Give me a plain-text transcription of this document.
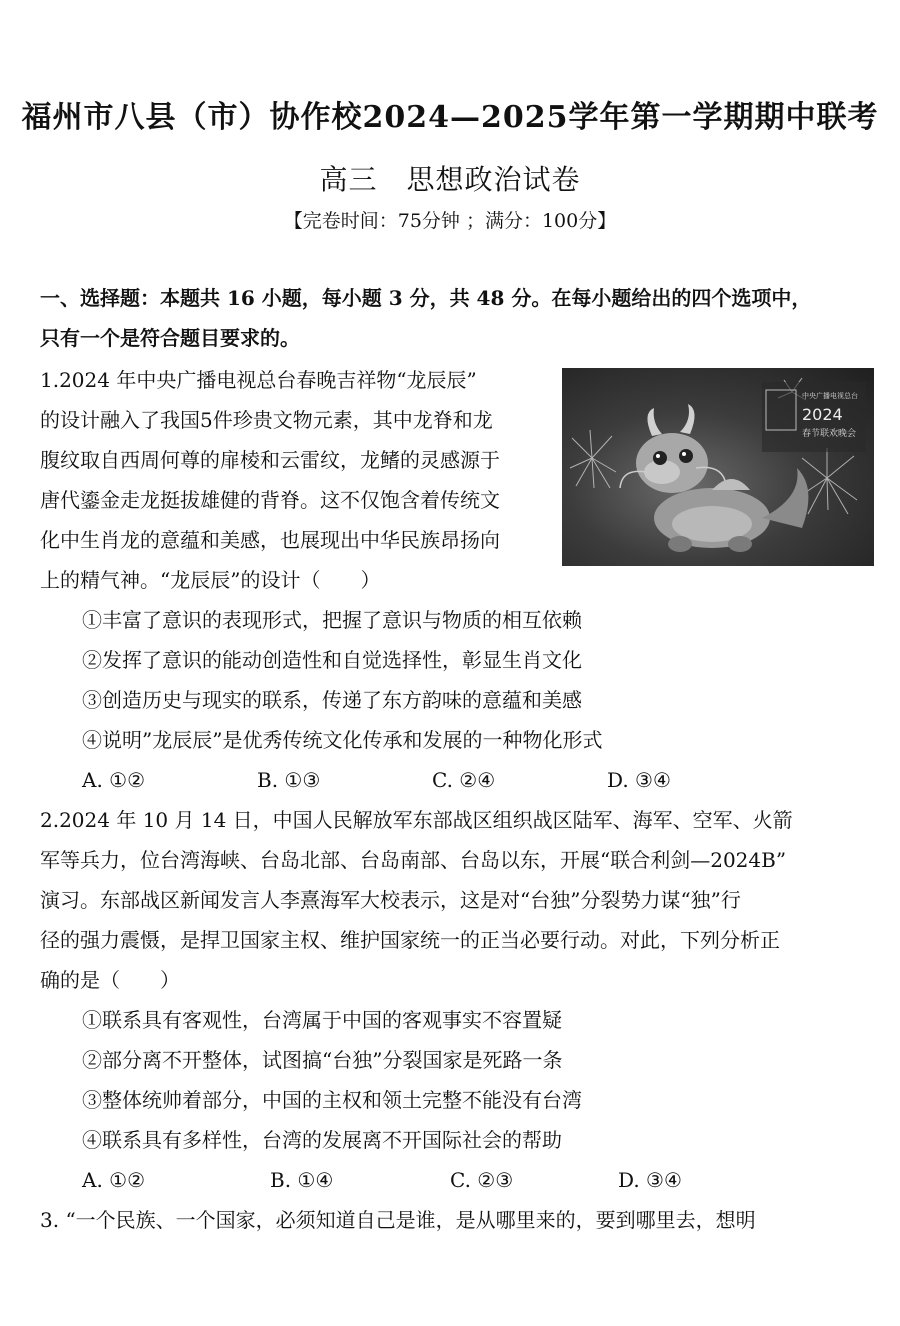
福州市八县（市）协作校2024—2025学年第一学期期中联考
高三　思想政治试卷
【完卷时间：75分钟 ；满分：100分】
一、选择题：本题共 16 小题，每小题 3 分，共 48 分。在每小题给出的四个选项中，
只有一个是符合题目要求的。
1.2024 年中央广播电视总台春晚吉祥物“龙辰辰”
的设计融入了我国5件珍贵文物元素，其中龙脊和龙
腹纹取自西周何尊的扉棱和云雷纹，龙鳍的灵感源于
唐代鎏金走龙挺拔雄健的背脊。这不仅饱含着传统文
化中生肖龙的意蕴和美感，也展现出中华民族昂扬向
上的精气神。“龙辰辰”的设计（　　）
中央广播电视总台
2024
春节联欢晚会
①丰富了意识的表现形式，把握了意识与物质的相互依赖
②发挥了意识的能动创造性和自觉选择性，彰显生肖文化
③创造历史与现实的联系，传递了东方韵味的意蕴和美感
④说明”龙辰辰”是优秀传统文化传承和发展的一种物化形式
A. ①②	B. ①③	C. ②④	D. ③④
2.2024 年 10 月 14 日，中国人民解放军东部战区组织战区陆军、海军、空军、火箭
军等兵力，位台湾海峡、台岛北部、台岛南部、台岛以东，开展“联合利剑—2024B”
演习。东部战区新闻发言人李熹海军大校表示，这是对“台独”分裂势力谋“独”行
径的强力震慑，是捍卫国家主权、维护国家统一的正当必要行动。对此，下列分析正
确的是（　　）
①联系具有客观性，台湾属于中国的客观事实不容置疑
②部分离不开整体，试图搞“台独”分裂国家是死路一条
③整体统帅着部分，中国的主权和领土完整不能没有台湾
④联系具有多样性，台湾的发展离不开国际社会的帮助
A. ①②	B. ①④	C. ②③	D. ③④
3. “一个民族、一个国家，必须知道自己是谁，是从哪里来的，要到哪里去，想明
